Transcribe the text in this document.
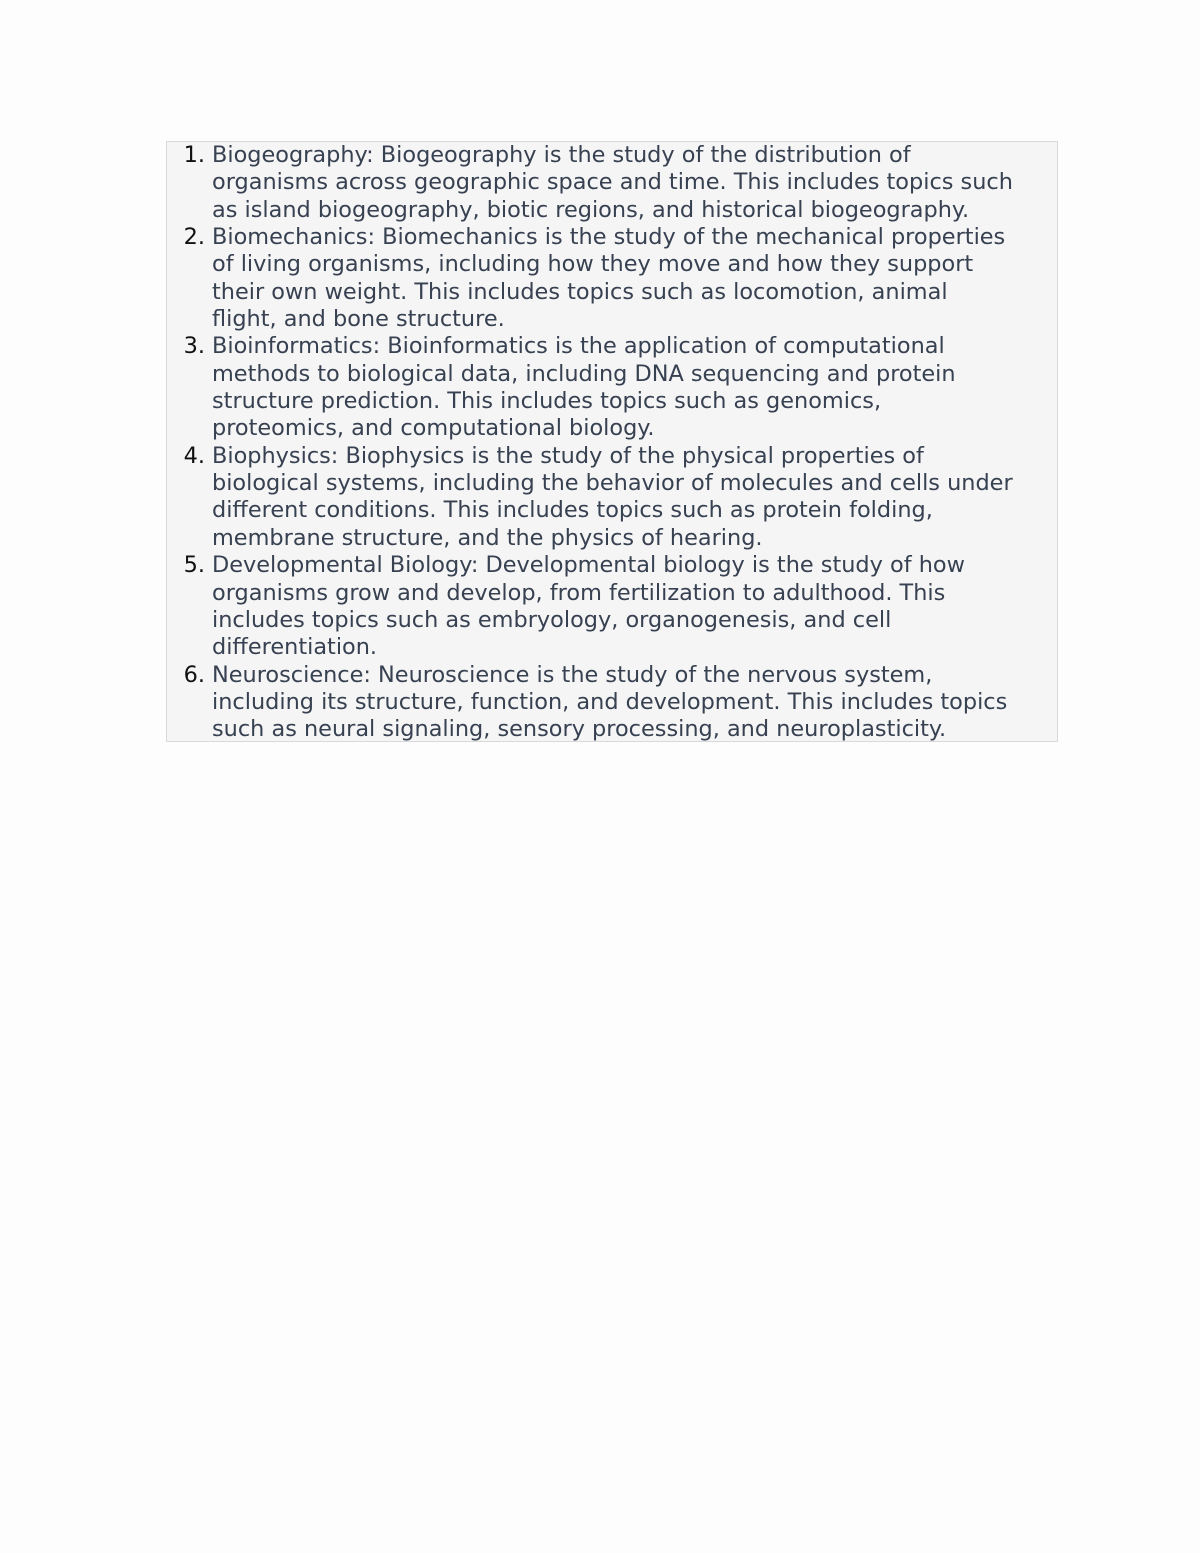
1. Biogeography: Biogeography is the study of the distribution of
organisms across geographic space and time. This includes topics such
as island biogeography, biotic regions, and historical biogeography.
2. Biomechanics: Biomechanics is the study of the mechanical properties
of living organisms, including how they move and how they support
their own weight. This includes topics such as locomotion, animal
flight, and bone structure.
3. Bioinformatics: Bioinformatics is the application of computational
methods to biological data, including DNA sequencing and protein
structure prediction. This includes topics such as genomics,
proteomics, and computational biology.
4. Biophysics: Biophysics is the study of the physical properties of
biological systems, including the behavior of molecules and cells under
different conditions. This includes topics such as protein folding,
membrane structure, and the physics of hearing.
5. Developmental Biology: Developmental biology is the study of how
organisms grow and develop, from fertilization to adulthood. This
includes topics such as embryology, organogenesis, and cell
differentiation.
6. Neuroscience: Neuroscience is the study of the nervous system,
including its structure, function, and development. This includes topics
such as neural signaling, sensory processing, and neuroplasticity.
